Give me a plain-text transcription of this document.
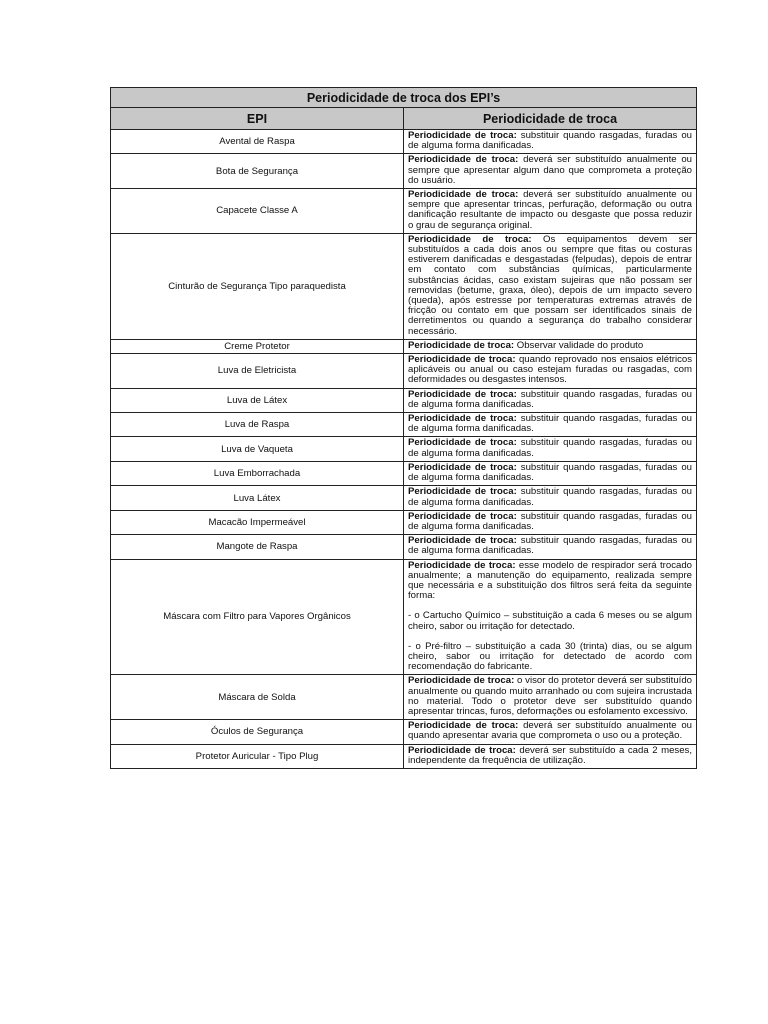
Periodicidade de troca dos EPI’s	
EPI	Periodicidade de troca
Avental de Raspa	Periodicidade de troca: substituir quando rasgadas, furadas ou de alguma forma danificadas.

Bota de Segurança	Periodicidade de troca: deverá ser substituído anualmente ou sempre que apresentar algum dano que comprometa a proteção do usuário.

Capacete Classe A	Periodicidade de troca: deverá ser substituído anualmente ou sempre que apresentar trincas, perfuração, deformação ou outra danificação resultante de impacto ou desgaste que possa reduzir o grau de segurança original.

Cinturão de Segurança Tipo paraquedista	Periodicidade de troca: Os equipamentos devem ser substituídos a cada dois anos ou sempre que fitas ou costuras estiverem danificadas e desgastadas (felpudas), depois de entrar em contato com substâncias químicas, particularmente substâncias ácidas, caso existam sujeiras que não possam ser removidas (betume, graxa, óleo), depois de um impacto severo (queda), após estresse por temperaturas extremas através de fricção ou contato em que possam ser identificados sinais de derretimentos ou quando a segurança do trabalho considerar necessário.

Creme Protetor	Periodicidade de troca: Observar validade do produto

Luva de Eletricista	Periodicidade de troca: quando reprovado nos ensaios elétricos aplicáveis ou anual ou caso estejam furadas ou rasgadas, com deformidades ou desgastes intensos.

Luva de Látex	Periodicidade de troca: substituir quando rasgadas, furadas ou de alguma forma danificadas.

Luva de Raspa	Periodicidade de troca: substituir quando rasgadas, furadas ou de alguma forma danificadas.

Luva de Vaqueta	Periodicidade de troca: substituir quando rasgadas, furadas ou de alguma forma danificadas.

Luva Emborrachada	Periodicidade de troca: substituir quando rasgadas, furadas ou de alguma forma danificadas.

Luva Látex	Periodicidade de troca: substituir quando rasgadas, furadas ou de alguma forma danificadas.

Macacão Impermeável	Periodicidade de troca: substituir quando rasgadas, furadas ou de alguma forma danificadas.

Mangote de Raspa	Periodicidade de troca: substituir quando rasgadas, furadas ou de alguma forma danificadas.

Máscara com Filtro para Vapores Orgânicos	Periodicidade de troca: esse modelo de respirador será trocado anualmente; a manutenção do equipamento, realizada sempre que necessária e a substituição dos filtros será feita da seguinte forma:
- o Cartucho Químico – substituição a cada 6 meses ou se algum cheiro, sabor ou irritação for detectado.
- o Pré-filtro – substituição a cada 30 (trinta) dias, ou se algum cheiro, sabor ou irritação for detectado de acordo com recomendação do fabricante.

Máscara de Solda	Periodicidade de troca: o visor do protetor deverá ser substituído anualmente ou quando muito arranhado ou com sujeira incrustada no material. Todo o protetor deve ser substituído quando apresentar trincas, furos, deformações ou esfolamento excessivo.

Óculos de Segurança	Periodicidade de troca: deverá ser substituído anualmente ou quando apresentar avaria que comprometa o uso ou a proteção.

Protetor Auricular - Tipo Plug	Periodicidade de troca: deverá ser substituído a cada 2 meses, independente da frequência de utilização.
